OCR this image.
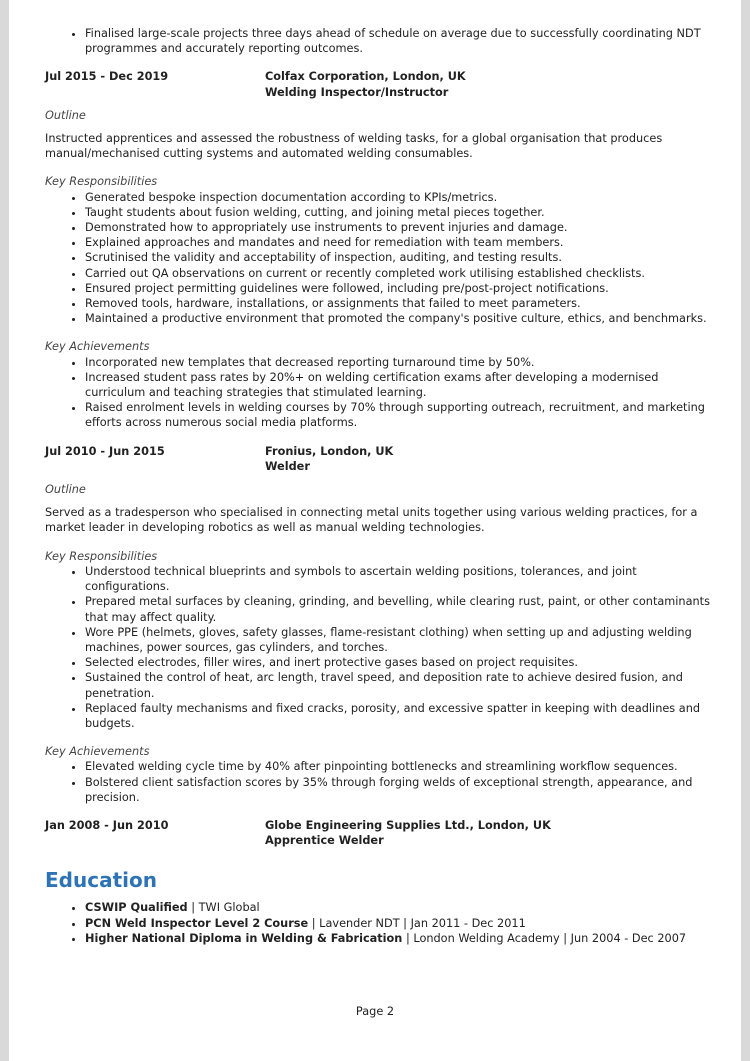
• Finalised large-scale projects three days ahead of schedule on average due to successfully coordinating NDT programmes and accurately reporting outcomes.
Jul 2015 - Dec 2019	Colfax Corporation, London, UK
Welding Inspector/Instructor
Outline
Instructed apprentices and assessed the robustness of welding tasks, for a global organisation that produces manual/mechanised cutting systems and automated welding consumables.
Key Responsibilities
• Generated bespoke inspection documentation according to KPIs/metrics.
• Taught students about fusion welding, cutting, and joining metal pieces together.
• Demonstrated how to appropriately use instruments to prevent injuries and damage.
• Explained approaches and mandates and need for remediation with team members.
• Scrutinised the validity and acceptability of inspection, auditing, and testing results.
• Carried out QA observations on current or recently completed work utilising established checklists.
• Ensured project permitting guidelines were followed, including pre/post-project notifications.
• Removed tools, hardware, installations, or assignments that failed to meet parameters.
• Maintained a productive environment that promoted the company's positive culture, ethics, and benchmarks.
Key Achievements
• Incorporated new templates that decreased reporting turnaround time by 50%.
• Increased student pass rates by 20%+ on welding certification exams after developing a modernised curriculum and teaching strategies that stimulated learning.
• Raised enrolment levels in welding courses by 70% through supporting outreach, recruitment, and marketing efforts across numerous social media platforms.
Jul 2010 - Jun 2015	Fronius, London, UK
Welder
Outline
Served as a tradesperson who specialised in connecting metal units together using various welding practices, for a market leader in developing robotics as well as manual welding technologies.
Key Responsibilities
• Understood technical blueprints and symbols to ascertain welding positions, tolerances, and joint configurations.
• Prepared metal surfaces by cleaning, grinding, and bevelling, while clearing rust, paint, or other contaminants that may affect quality.
• Wore PPE (helmets, gloves, safety glasses, flame-resistant clothing) when setting up and adjusting welding machines, power sources, gas cylinders, and torches.
• Selected electrodes, filler wires, and inert protective gases based on project requisites.
• Sustained the control of heat, arc length, travel speed, and deposition rate to achieve desired fusion, and penetration.
• Replaced faulty mechanisms and fixed cracks, porosity, and excessive spatter in keeping with deadlines and budgets.
Key Achievements
• Elevated welding cycle time by 40% after pinpointing bottlenecks and streamlining workflow sequences.
• Bolstered client satisfaction scores by 35% through forging welds of exceptional strength, appearance, and precision.
Jan 2008 - Jun 2010	Globe Engineering Supplies Ltd., London, UK
Apprentice Welder
Education
• CSWIP Qualified | TWI Global
• PCN Weld Inspector Level 2 Course | Lavender NDT | Jan 2011 - Dec 2011
• Higher National Diploma in Welding & Fabrication | London Welding Academy | Jun 2004 - Dec 2007
Page 2
